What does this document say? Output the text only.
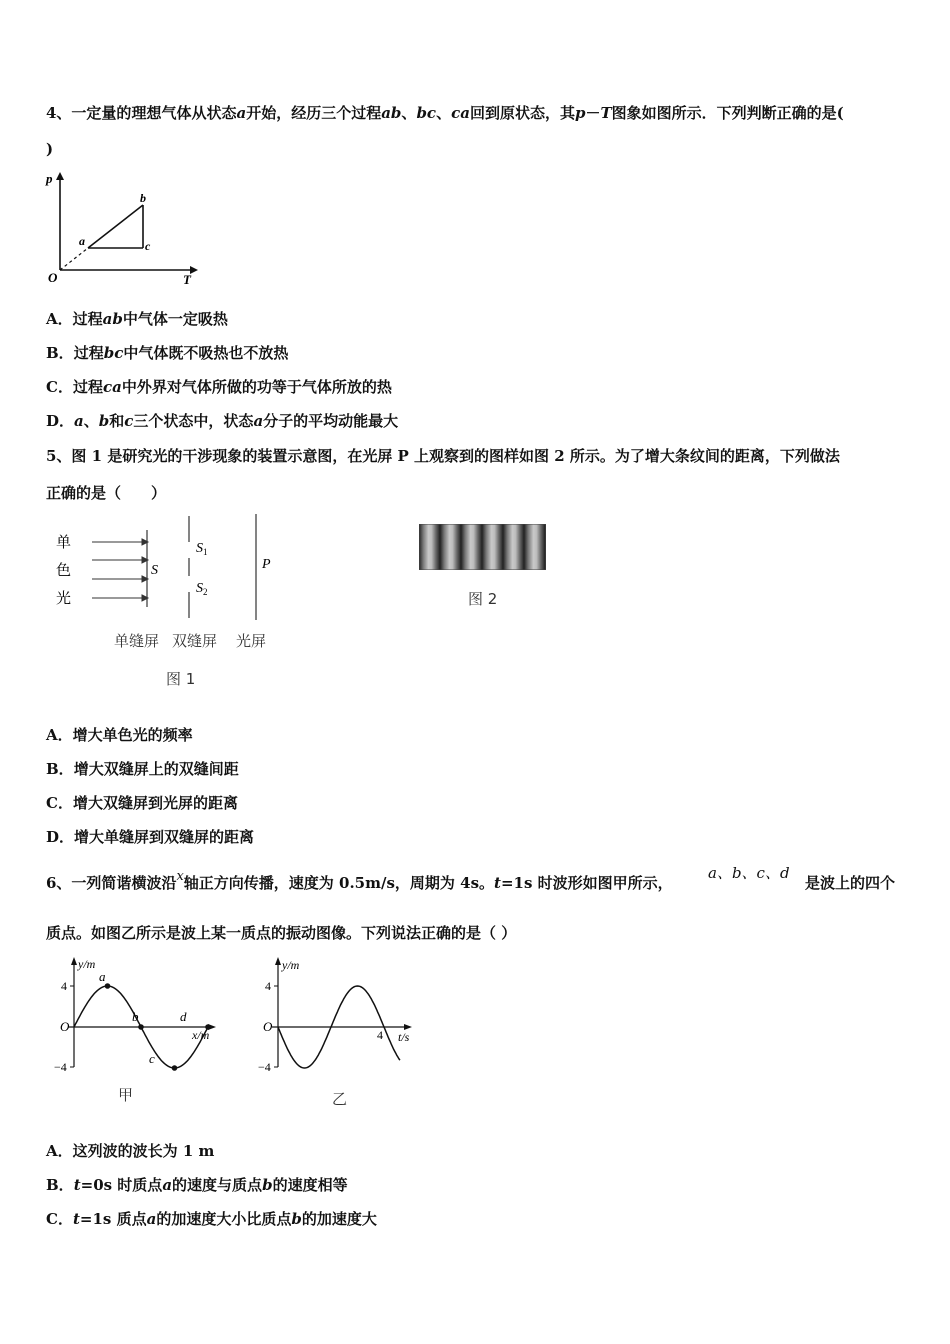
4、一定量的理想气体从状态a开始，经历三个过程ab、bc、ca回到原状态，其p－T图象如图所示．下列判断正确的是(
)
p
T
O
a
b
c
A．过程ab中气体一定吸热
B．过程bc中气体既不吸热也不放热
C．过程ca中外界对气体所做的功等于气体所放的热
D．a、b和c三个状态中，状态a分子的平均动能最大
5、图 1 是研究光的干涉现象的装置示意图，在光屏 P 上观察到的图样如图 2 所示。为了增大条纹间的距离，下列做法
正确的是（　　）
单
色
光
S
$S_1$
$S_2$
P
单缝屏 双缝屏 光屏
图 1
图 2
A．增大单色光的频率
B．增大双缝屏上的双缝间距
C．增大双缝屏到光屏的距离
D．增大单缝屏到双缝屏的距离
6、一列简谐横波沿x轴正方向传播，速度为 0.5m/s，周期为 4s。t=1s 时波形如图甲所示，
a、b、c、d
是波上的四个
质点。如图乙所示是波上某一质点的振动图像。下列说法正确的是（ ）
y/m
x/m
4
−4
O
a
b
c
d
甲
y/m
t/s
4
−4
O
4
乙
A．这列波的波长为 1 m
B．t=0s 时质点a的速度与质点b的速度相等
C．t=1s 质点a的加速度大小比质点b的加速度大
